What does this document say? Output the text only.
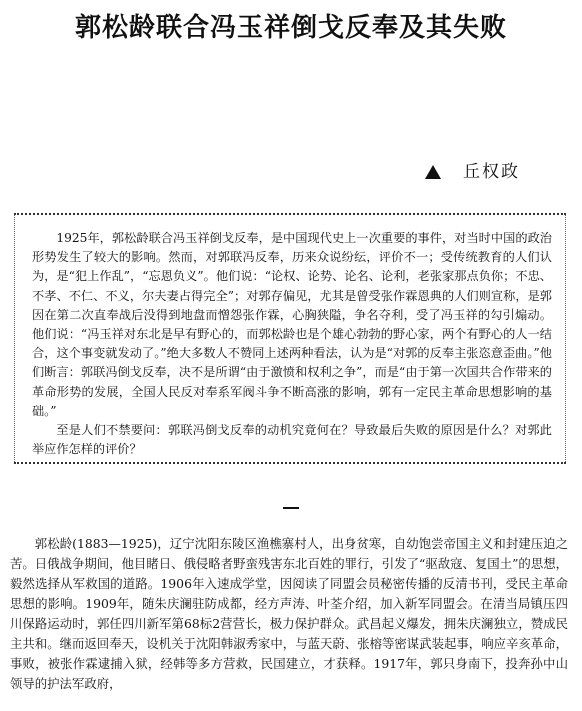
郭松龄联合冯玉祥倒戈反奉及其失败
丘权政

1925年，郭松龄联合冯玉祥倒戈反奉，是中国现代史上一次重要的事件，对当时中国的政治形势发生了较大的影响。然而，对郭联冯反奉，历来众说纷纭，评价不一；受传统教育的人们认为，是“犯上作乱”，“忘恩负义”。他们说：“论权、论势、论名、论利，老张家那点负你；不忠、不孝、不仁、不义，尔夫妻占得完全”；对郭存偏见，尤其是曾受张作霖恩典的人们则宣称，是郭因在第二次直奉战后没得到地盘而憎怨张作霖，心胸狭隘，争名夺利，受了冯玉祥的勾引煽动。他们说：“冯玉祥对东北是早有野心的，而郭松龄也是个雄心勃勃的野心家，两个有野心的人一结合，这个事变就发动了。”绝大多数人不赞同上述两种看法，认为是“对郭的反奉主张恣意歪曲。”他们断言：郭联冯倒戈反奉，决不是所谓“由于激愤和权利之争”，而是“由于第一次国共合作带来的革命形势的发展，全国人民反对奉系军阀斗争不断高涨的影响，郭有一定民主革命思想影响的基础。”

至是人们不禁要问：郭联冯倒戈反奉的动机究竟何在？导致最后失败的原因是什么？对郭此举应作怎样的评价？

郭松龄(1883—1925)，辽宁沈阳东陵区渔樵寨村人，出身贫寒，自幼饱尝帝国主义和封建压迫之苦。日俄战争期间，他目睹日、俄侵略者野蛮残害东北百姓的罪行，引发了“驱敌寇、复国土”的思想，毅然选择从军救国的道路。1906年入速成学堂，因阅读了同盟会员秘密传播的反清书刊，受民主革命思想的影响。1909年，随朱庆澜驻防成都，经方声涛、叶荃介绍，加入新军同盟会。在清当局镇压四川保路运动时，郭任四川新军第68标2营营长，极力保护群众。武昌起义爆发，拥朱庆澜独立，赞成民主共和。继而返回奉天，设机关于沈阳韩淑秀家中，与蓝天蔚、张榕等密谋武装起事，响应辛亥革命，事败，被张作霖逮捕入狱，经韩等多方营救，民国建立，才获释。1917年，郭只身南下，投奔孙中山领导的护法军政府，
